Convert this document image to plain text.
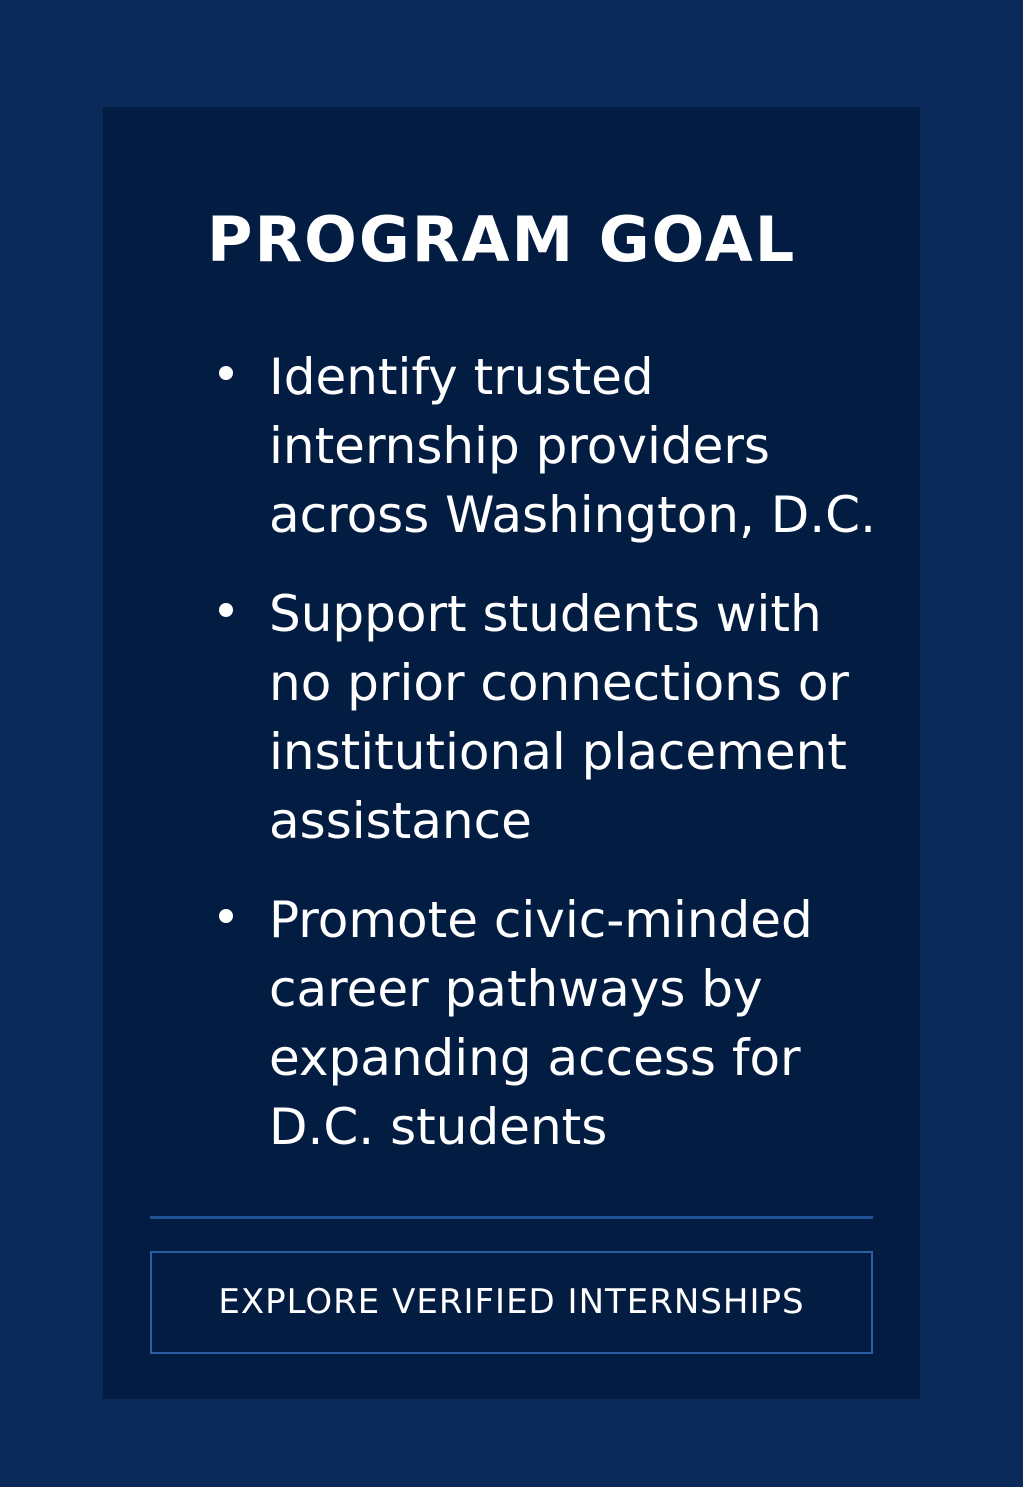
PROGRAM GOAL
Identify trusted internship providers across Washington, D.C.
Support students with no prior connections or institutional placement assistance
Promote civic-minded career pathways by expanding access for D.C. students
EXPLORE VERIFIED INTERNSHIPS
